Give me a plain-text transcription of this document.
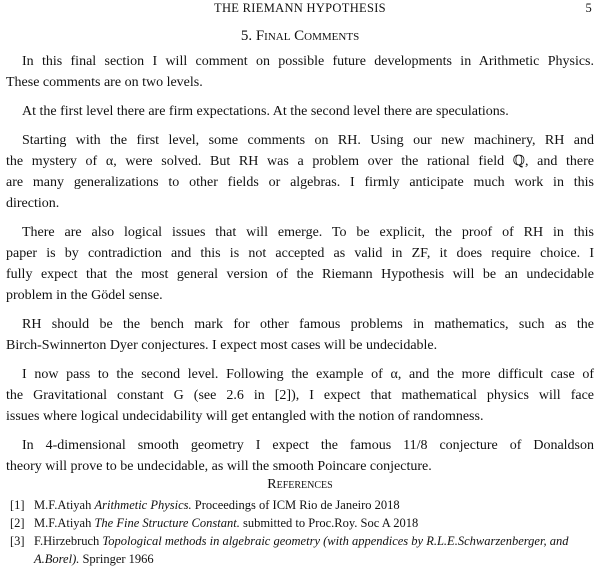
THE RIEMANN HYPOTHESIS	5
5. Final Comments
In this final section I will comment on possible future developments in Arithmetic Physics.
These comments are on two levels.
At the first level there are firm expectations. At the second level there are speculations.
Starting with the first level, some comments on RH. Using our new machinery, RH and
the mystery of α, were solved. But RH was a problem over the rational field ℚ, and there
are many generalizations to other fields or algebras. I firmly anticipate much work in this
direction.
There are also logical issues that will emerge. To be explicit, the proof of RH in this
paper is by contradiction and this is not accepted as valid in ZF, it does require choice. I
fully expect that the most general version of the Riemann Hypothesis will be an undecidable
problem in the Gödel sense.
RH should be the bench mark for other famous problems in mathematics, such as the
Birch-Swinnerton Dyer conjectures. I expect most cases will be undecidable.
I now pass to the second level. Following the example of α, and the more difficult case of
the Gravitational constant G (see 2.6 in [2]), I expect that mathematical physics will face
issues where logical undecidability will get entangled with the notion of randomness.
In 4-dimensional smooth geometry I expect the famous 11/8 conjecture of Donaldson
theory will prove to be undecidable, as will the smooth Poincare conjecture.
References
[1] M.F.Atiyah Arithmetic Physics. Proceedings of ICM Rio de Janeiro 2018
[2] M.F.Atiyah The Fine Structure Constant. submitted to Proc.Roy. Soc A 2018
[3] F.Hirzebruch Topological methods in algebraic geometry (with appendices by R.L.E.Schwarzenberger, and A.Borel). Springer 1966
